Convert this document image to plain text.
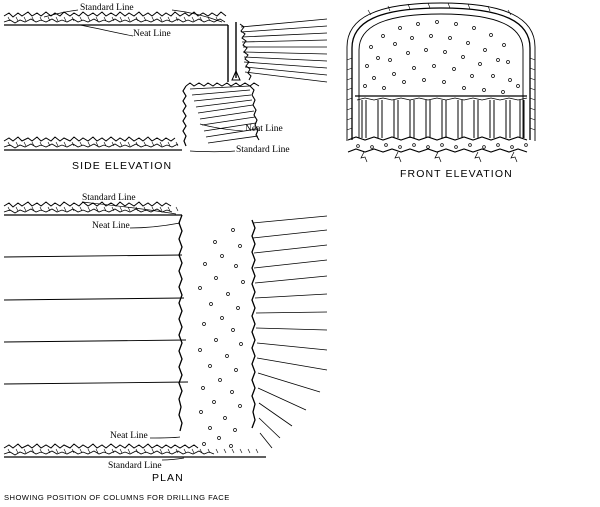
Standard Line
Neat Line
Neat Line
Standard Line
SIDE ELEVATION
FRONT ELEVATION
Standard Line
Neat Line
Neat Line
Standard Line
PLAN
SHOWING POSITION OF COLUMNS FOR DRILLING FACE
